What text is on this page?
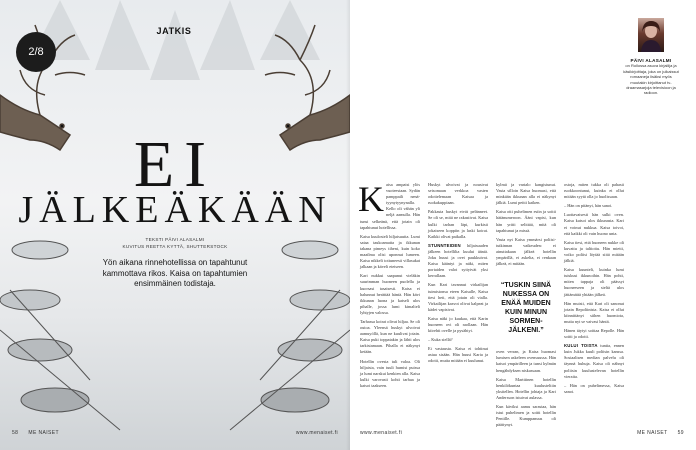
2/8
JATKIS
EI
JÄLKEÄKÄÄN
TEKSTI PÄIVI ALASALMI
KUVITUS REETTA KYTTÄ, SHUTTERSTOCK
Yön aikana rinnehotellissa on tapahtunut kammottava rikos. Kaisa on tapahtumien ensimmäinen todistaja.
58 ME NAISET	www.menaiset.fi
PÄIVI ALASALMI
on Rollossa asuva kirjailija ja käsikirjoittaja, joka on julkaissut romaaneja lisäksi myös muutakin kirjoittanut tv-draamasarjoja televisioon ja radioon.

Kaisa ampaisi ylös vuoteestaan. Sydän pamppaili nenätyynytyynynalla. Kello oli vähän yli neljä aamulla. Hän tunsi selkeänä, että jotain oli tapahtunut hotellissa.

Kaisa kuulosteli hiljaisuutta. Lumi sataa taukoamatta ja ikkunan takana pimeys tiheni, kuin koko maailma olisi uponnut lumeen. Kaisa nikkeli tottuneesti villasukat jalkaan ja käveli eteiseen.

Kari nukkui saapunut vieläkin suurimman huoneen puolella ja kuorsasi tasaisesti. Kaisa ei halunnut herättää häntä. Hän kävi ikkunan luona ja katseli ulos pihalle, jossa lumi kimalteli lyhtyjen valossa.

Tarhassa koirat olivat hiljaa. Se oli outoa. Yleensä huskyt ulvoivat aamuyöllä, kun ne kuulivat jotain. Kaisa puki toppatakin ja lähti ulos tarkistamaan. Pihalla ei näkynyt ketään.

Hotellin ovesta tuli valoa. Oli hiljaista, vain tuuli humisi puissa ja lumi narskui kenkien alla. Kaisa kulki varovasti kohti tarhaa ja katsoi taakseen.

Huskyt ulvoivat ja nousivat seisomaan verkkoa vasten odottelemaan Kaisaa ja ruokakuppiaan.

Pakkasta huskyt eivät pelänneet. Se oli se, mitä ne rakastivat. Kaisa kulki tarhan läpi, kurkisti jokaiseen koppiin ja laski koirat. Kaikki olivat paikalla.

STUNNTEIDEN hiljaisuuden jälkeen hotellilta kuului ääniä. Joku huusi ja ovet paukkuivat. Kaisa kääntyi ja näki, miten portaiden valot syttyivät yksi kerrallaan.

Kun Kari tavannut virkailijan tuimistonsa eteen Kaisalle, Kaisa tiesi heti, että jotain oli vialla. Virkailijan kasvot olivat kalpeat ja kädet vapisivat.

Kaisa näki jo kaukaa, että Karin huoneen ovi oli raollaan. Hän kiirehti ovelle ja pysähtyi.

– Kuka siellä?

Ei vastausta. Kaisa ei tohtinut astua sisään. Hän huusi Karia ja odotti, mutta mitään ei kuulunut.

kylmä ja vartalo kangistunut. Vasta silloin Kaisa huomasi, että minkään ikkunan alla ei näkynyt jälkiä. Lumi peitti kaiken.

Kaisa otti puhelimen esiin ja soitti hätänumeroon. Ääni vapisi, kun hän yritti selittää, mitä oli tapahtunut ja missä.

Vasta nyt Kaisa ymmärsi poliisitutkinnan vaikeuden: ei ainuttakaan jälkeä hotellin ympärillä, ei askelta, ei renkaan jälkeä, ei mitään.

“TUSKIN SIINÄ NUKESSA ON ENÄÄ MUIDEN KUIN MINUN SORMENJÄLKENI.”

oven verran, ja Kaisa huomasi lumisen askeleen ovensuussa. Hän katsoi ympärilleen ja tunsi kylmän hengähdyksen niskassaan.

Kaisa Martttinen hotellin henkilökuntaa kuulusteltiin yksitellen. Hotellin johtaja ja Kari Andersson istuivat aulassa.

Kun käviksi aamu sarastaa, hän istui puhelimen ja soitti hotellin Pentille. Kumppanuus oli päättynyt.

ostoja, miten tukka oli pahasti ruokkoontunut, kuinka ei ollut mitään syytä olla jo huolissaan.

– Hän on pitänyt, hän sanoi.

Luottavaisesti hän sulki oven. Kaisa katsoi ulos ikkunasta. Kari ei voinut nukkua. Kaisa toivoi, että kaikki oli vain huono unta.

Kaisa tiesi, että huoneen nukke oli kuvattu ja taltioitu. Hän mietti, voiko poliisi löytää siitä mitään jälkiä.

Kaisa kuunteli, kuinka lumi tuiskusi ikkunoihin. Hän pohti, miten tappaja oli päässyt huoneeseen ja sieltä ulos jättämättä yhtään jälkeä.

Hän muisti, että Kari oli sanonut jotain Repoliinista. Kaisa ei ollut kiinnittänyt siihen huomiota, mutta nyt se vaivasi häntä.

Hänen täytyi soittaa Repolle. Hän soitti ja odotti.

KULUI TOISTA tuntia, ennen kuin Jukka kuuli poliisin kanssa. Sosiaalisen median palvelu oli täynnä huhuja. Kaisa oli nähnyt poliisin kuulustelevan hotellin vieraita.

– Hän on puhelimessa, Kaisa sanoi.

www.menaiset.fi	ME NAISET 59
